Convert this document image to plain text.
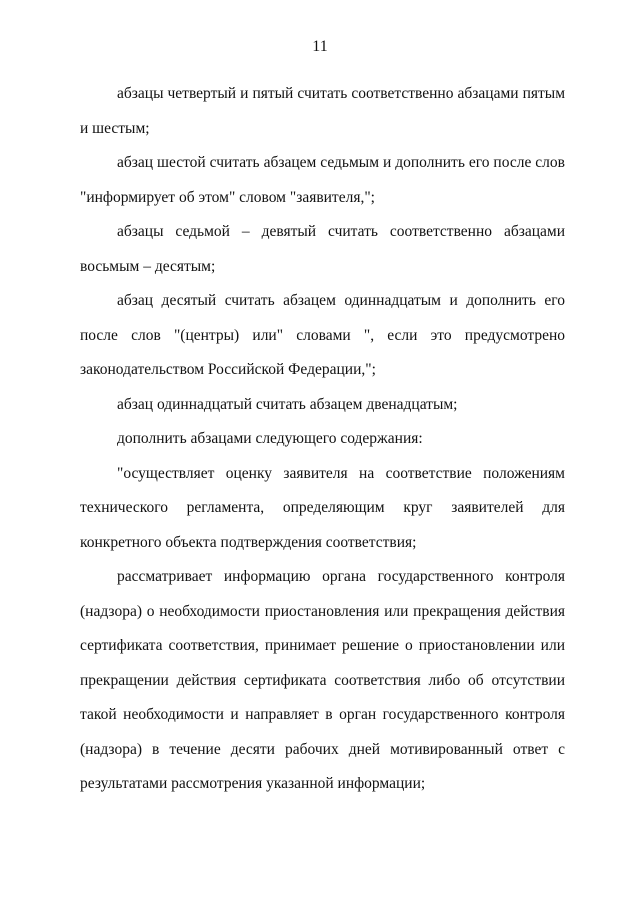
11

абзацы четвертый и пятый считать соответственно абзацами пятым и шестым;

абзац шестой считать абзацем седьмым и дополнить его после слов "информирует об этом" словом "заявителя,";

абзацы седьмой – девятый считать соответственно абзацами восьмым – десятым;

абзац десятый считать абзацем одиннадцатым и дополнить его после слов "(центры) или" словами ", если это предусмотрено законодательством Российской Федерации,";

абзац одиннадцатый считать абзацем двенадцатым;

дополнить абзацами следующего содержания:

"осуществляет оценку заявителя на соответствие положениям технического регламента, определяющим круг заявителей для конкретного объекта подтверждения соответствия;

рассматривает информацию органа государственного контроля (надзора) о необходимости приостановления или прекращения действия сертификата соответствия, принимает решение о приостановлении или прекращении действия сертификата соответствия либо об отсутствии такой необходимости и направляет в орган государственного контроля (надзора) в течение десяти рабочих дней мотивированный ответ с результатами рассмотрения указанной информации;
